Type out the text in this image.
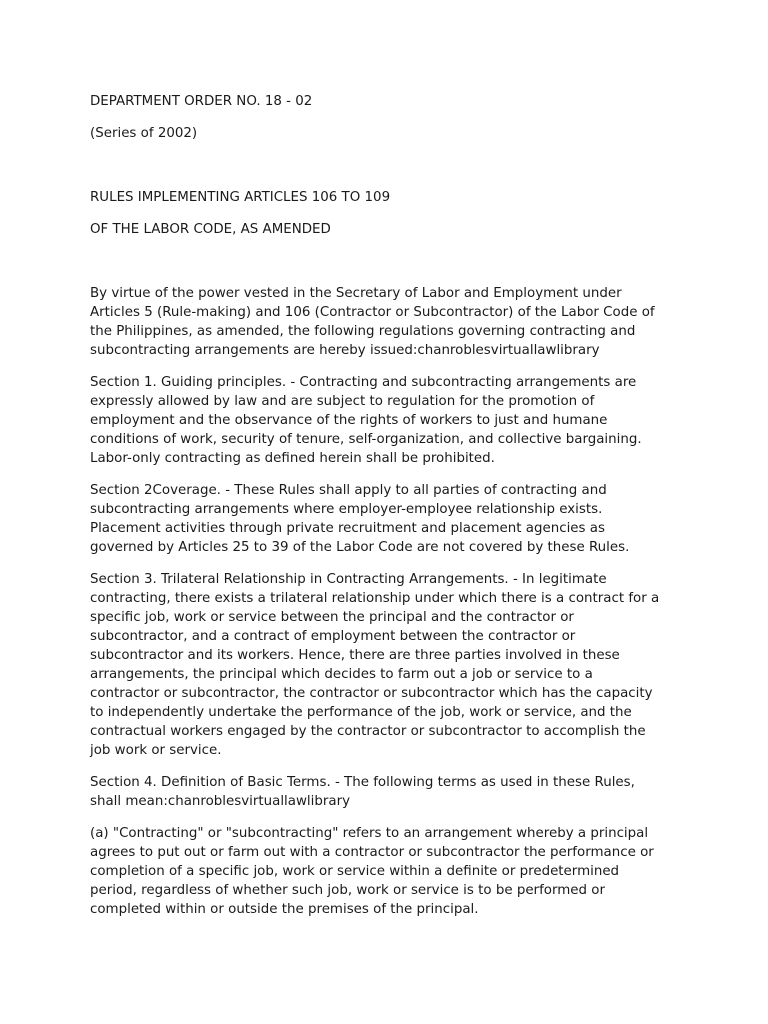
DEPARTMENT ORDER NO. 18 - 02

(Series of 2002)

RULES IMPLEMENTING ARTICLES 106 TO 109

OF THE LABOR CODE, AS AMENDED

By virtue of the power vested in the Secretary of Labor and Employment under
Articles 5 (Rule-making) and 106 (Contractor or Subcontractor) of the Labor Code of
the Philippines, as amended, the following regulations governing contracting and
subcontracting arrangements are hereby issued:chanroblesvirtuallawlibrary
Section 1. Guiding principles. - Contracting and subcontracting arrangements are
expressly allowed by law and are subject to regulation for the promotion of
employment and the observance of the rights of workers to just and humane
conditions of work, security of tenure, self-organization, and collective bargaining.
Labor-only contracting as defined herein shall be prohibited.
Section 2Coverage. - These Rules shall apply to all parties of contracting and
subcontracting arrangements where employer-employee relationship exists.
Placement activities through private recruitment and placement agencies as
governed by Articles 25 to 39 of the Labor Code are not covered by these Rules.
Section 3. Trilateral Relationship in Contracting Arrangements. - In legitimate
contracting, there exists a trilateral relationship under which there is a contract for a
specific job, work or service between the principal and the contractor or
subcontractor, and a contract of employment between the contractor or
subcontractor and its workers. Hence, there are three parties involved in these
arrangements, the principal which decides to farm out a job or service to a
contractor or subcontractor, the contractor or subcontractor which has the capacity
to independently undertake the performance of the job, work or service, and the
contractual workers engaged by the contractor or subcontractor to accomplish the
job work or service.
Section 4. Definition of Basic Terms. - The following terms as used in these Rules,
shall mean:chanroblesvirtuallawlibrary
(a) "Contracting" or "subcontracting" refers to an arrangement whereby a principal
agrees to put out or farm out with a contractor or subcontractor the performance or
completion of a specific job, work or service within a definite or predetermined
period, regardless of whether such job, work or service is to be performed or
completed within or outside the premises of the principal.
